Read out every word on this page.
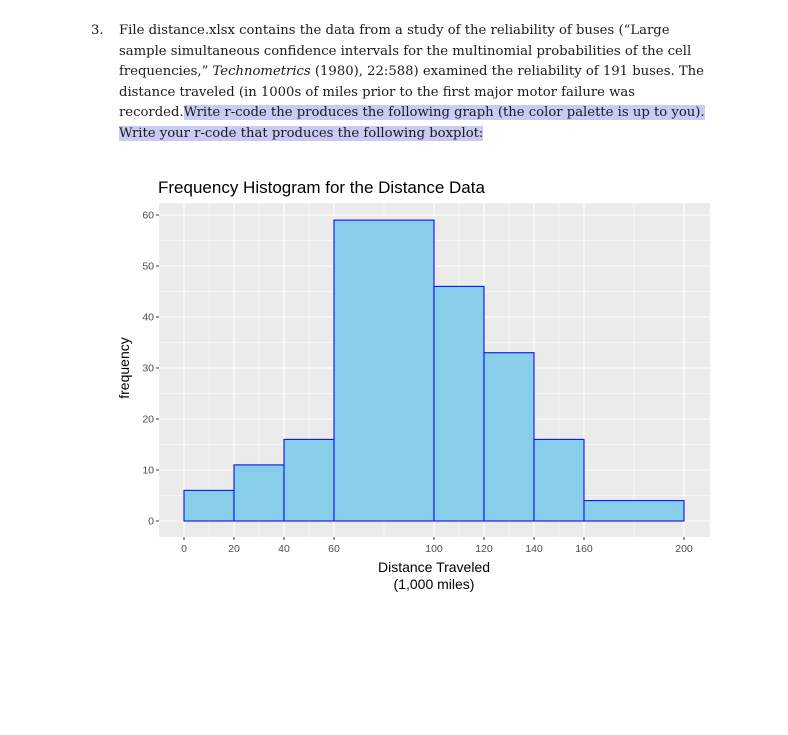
3. File distance.xlsx contains the data from a study of the reliability of buses (“Large
sample simultaneous confidence intervals for the multinomial probabilities of the cell
frequencies,” Technometrics (1980), 22:588) examined the reliability of 191 buses. The
distance traveled (in 1000s of miles prior to the first major motor failure was
recorded.Write r-code the produces the following graph (the color palette is up to you).
Write your r-code that produces the following boxplot:
0
10
20
30
40
50
60
0	20	40	60	100	120	140	160	200
Frequency Histogram for the Distance Data
Distance Traveled
(1,000 miles)
frequency
